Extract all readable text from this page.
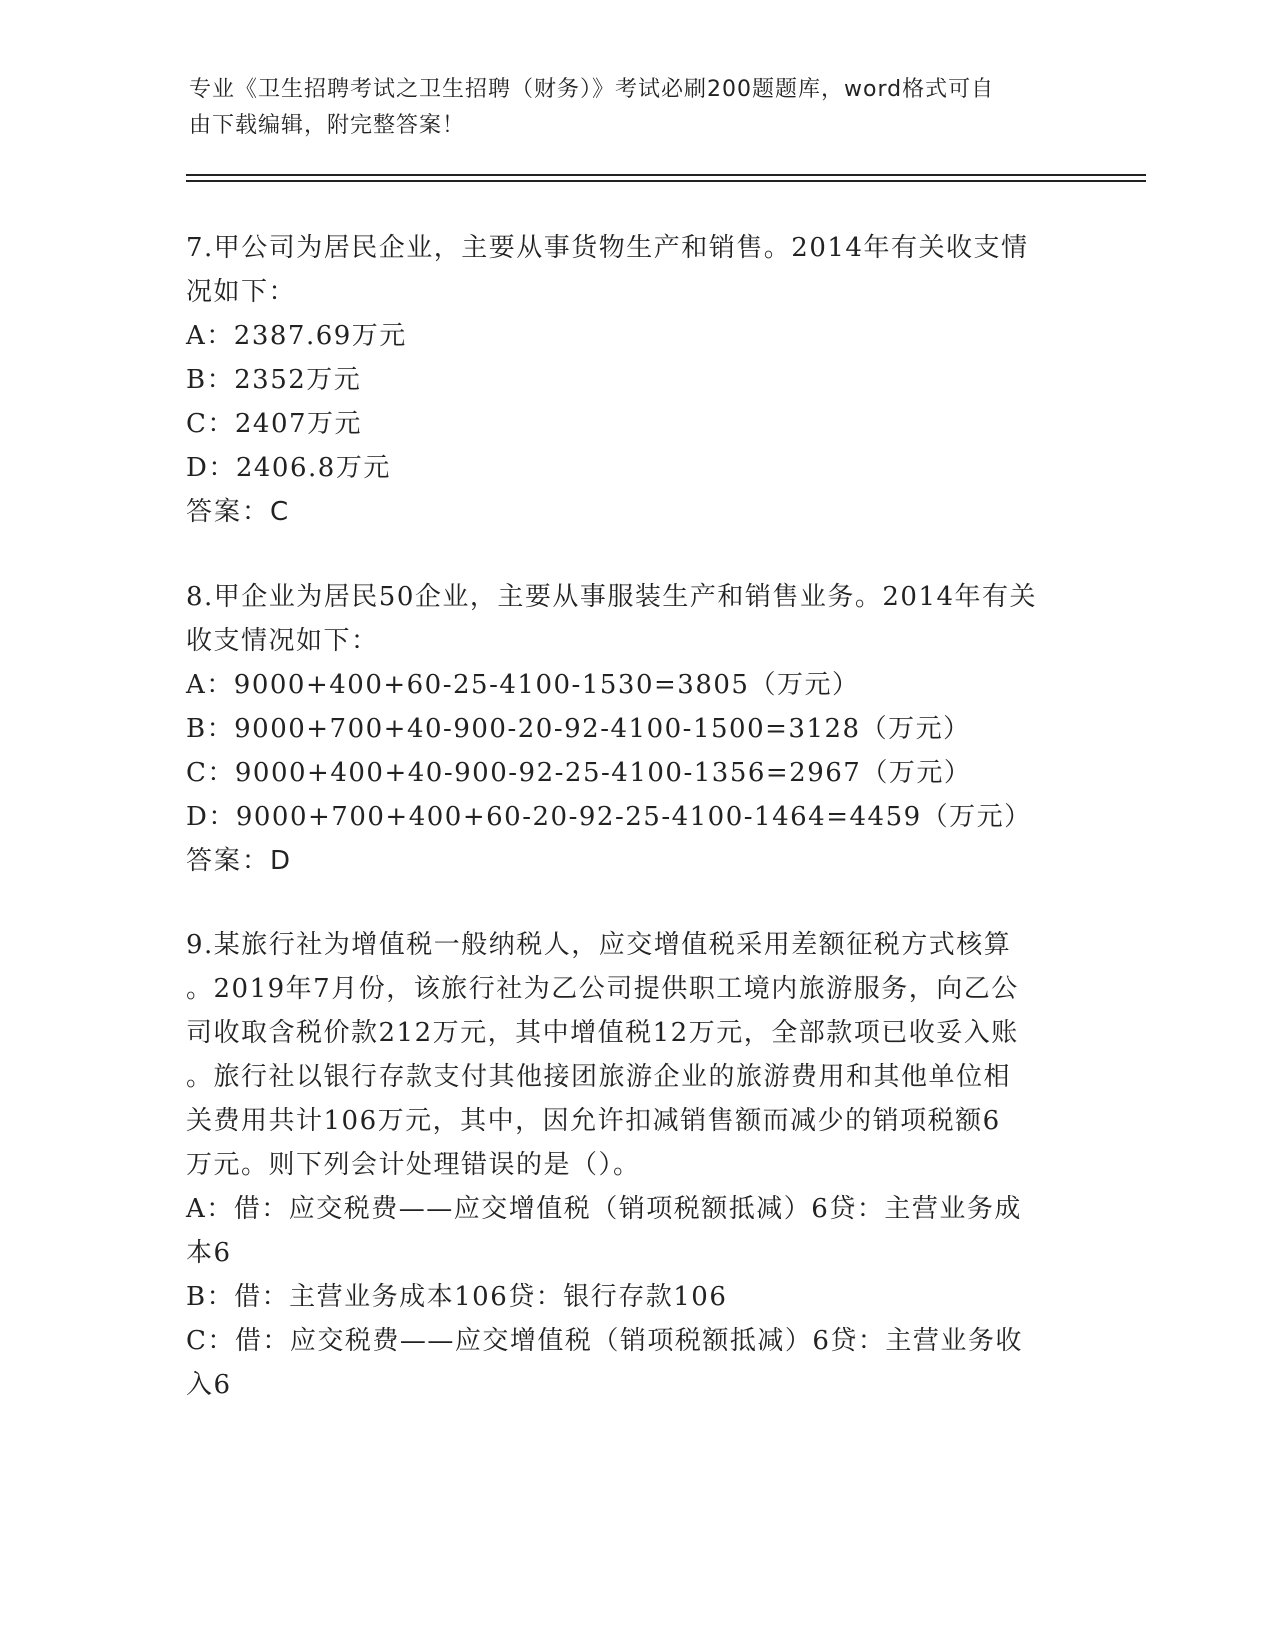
专业《卫生招聘考试之卫生招聘（财务）》考试必刷200题题库，word格式可自
由下载编辑，附完整答案！
7.甲公司为居民企业，主要从事货物生产和销售。2014年有关收支情
况如下：
A：2387.69万元
B：2352万元
C：2407万元
D：2406.8万元
答案：C
8.甲企业为居民50企业，主要从事服装生产和销售业务。2014年有关
收支情况如下：
A：9000+400+60-25-4100-1530=3805（万元）
B：9000+700+40-900-20-92-4100-1500=3128（万元）
C：9000+400+40-900-92-25-4100-1356=2967（万元）
D：9000+700+400+60-20-92-25-4100-1464=4459（万元）
答案：D
9.某旅行社为增值税一般纳税人，应交增值税采用差额征税方式核算
。2019年7月份，该旅行社为乙公司提供职工境内旅游服务，向乙公
司收取含税价款212万元，其中增值税12万元，全部款项已收妥入账
。旅行社以银行存款支付其他接团旅游企业的旅游费用和其他单位相
关费用共计106万元，其中，因允许扣减销售额而减少的销项税额6
万元。则下列会计处理错误的是（）。
A：借：应交税费——应交增值税（销项税额抵减）6贷：主营业务成
本6
B：借：主营业务成本106贷：银行存款106
C：借：应交税费——应交增值税（销项税额抵减）6贷：主营业务收
入6
